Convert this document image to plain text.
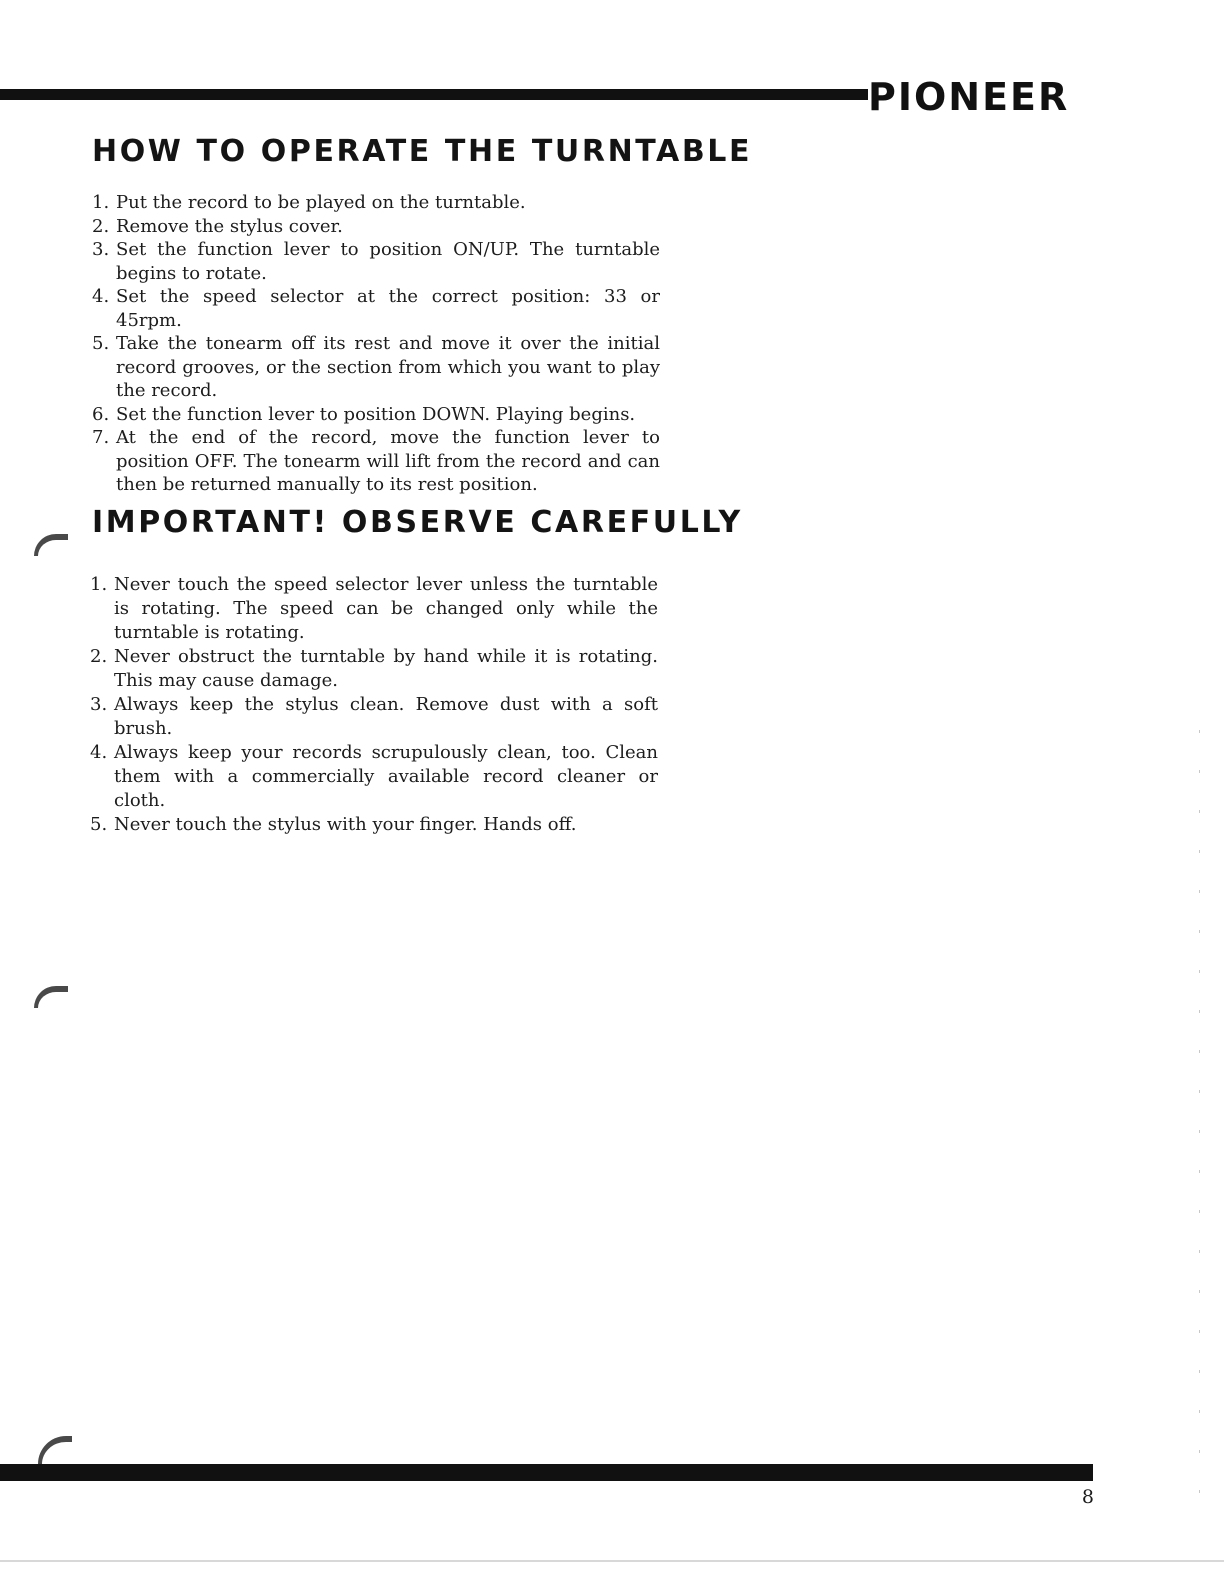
PIONEER
HOW TO OPERATE THE TURNTABLE
1. Put the record to be played on the turntable.
2. Remove the stylus cover.
3. Set the function lever to position ON/UP. The turntable begins to rotate.
4. Set the speed selector at the correct position: 33 or 45rpm.
5. Take the tonearm off its rest and move it over the initial record grooves, or the section from which you want to play the record.
6. Set the function lever to position DOWN. Playing begins.
7. At the end of the record, move the function lever to position OFF. The tonearm will lift from the record and can then be returned manually to its rest position.
IMPORTANT! OBSERVE CAREFULLY
1. Never touch the speed selector lever unless the turntable is rotating. The speed can be changed only while the turntable is rotating.
2. Never obstruct the turntable by hand while it is rotating. This may cause damage.
3. Always keep the stylus clean. Remove dust with a soft brush.
4. Always keep your records scrupulously clean, too. Clean them with a commercially available record cleaner or cloth.
5. Never touch the stylus with your finger. Hands off.
8
